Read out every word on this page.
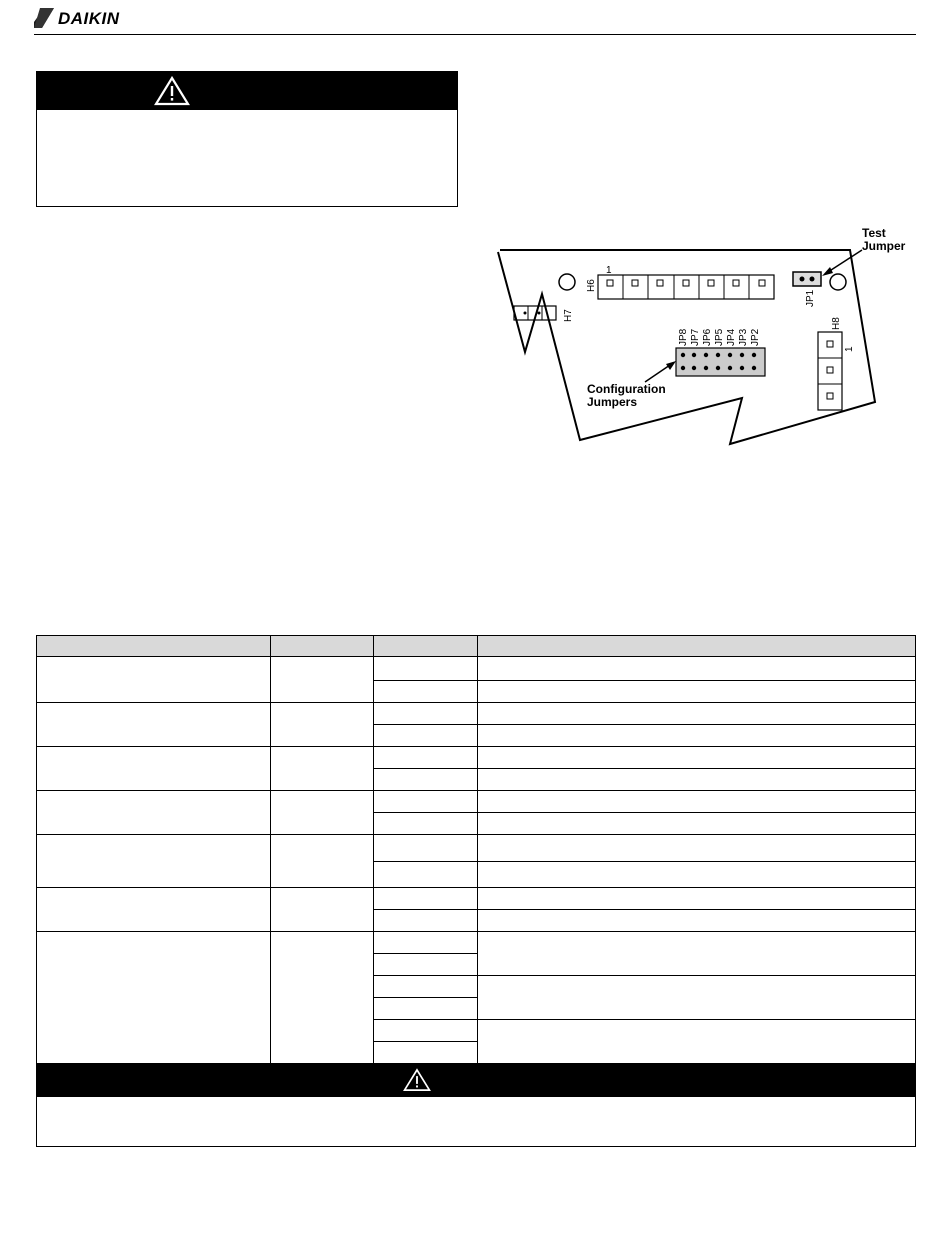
DAIKIN
H6
1
H7
JP1
Test
Jumper
H8
1
JP8 JP7 JP6 JP5 JP4 JP3 JP2
Configuration
Jumpers
